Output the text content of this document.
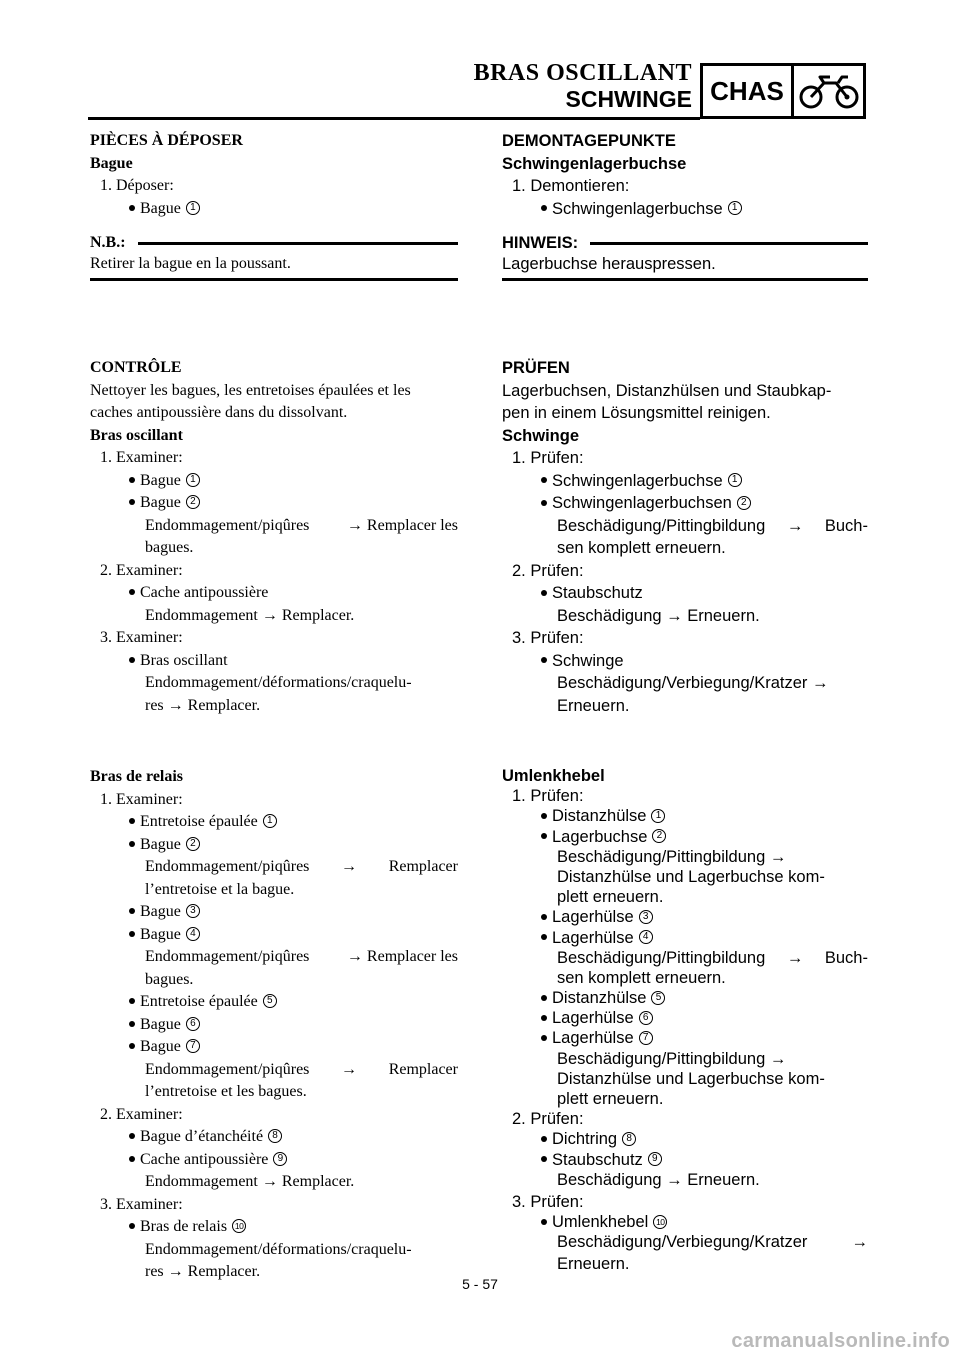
BRAS OSCILLANT
SCHWINGE CHAS
PIÈCES À DÉPOSER
Bague
1. Déposer:
Bague 1
N.B.:
Retirer la bague en la poussant.
CONTRÔLE
Nettoyer les bagues, les entretoises épaulées et les
caches antipoussière dans du dissolvant.
Bras oscillant
1. Examiner:
Bague 1
Bague 2
Endommagement/piqûres → Remplacer les
bagues.
2. Examiner:
Cache antipoussière
Endommagement → Remplacer.
3. Examiner:
Bras oscillant
Endommagement/déformations/craquelu-
res → Remplacer.
Bras de relais
1. Examiner:
Entretoise épaulée 1
Bague 2
Endommagement/piqûres → Remplacer
l’entretoise et la bague.
Bague 3
Bague 4
Endommagement/piqûres → Remplacer les
bagues.
Entretoise épaulée 5
Bague 6
Bague 7
Endommagement/piqûres → Remplacer
l’entretoise et les bagues.
2. Examiner:
Bague d’étanchéité 8
Cache antipoussière 9
Endommagement → Remplacer.
3. Examiner:
Bras de relais 10
Endommagement/déformations/craquelu-
res → Remplacer.
DEMONTAGEPUNKTE
Schwingenlagerbuchse
1. Demontieren:
Schwingenlagerbuchse 1
HINWEIS:
Lagerbuchse herauspressen.
PRÜFEN
Lagerbuchsen, Distanzhülsen und Staubkap-
pen in einem Lösungsmittel reinigen.
Schwinge
1. Prüfen:
Schwingenlagerbuchse 1
Schwingenlagerbuchsen 2
Beschädigung/Pittingbildung → Buch-
sen komplett erneuern.
2. Prüfen:
Staubschutz
Beschädigung → Erneuern.
3. Prüfen:
Schwinge
Beschädigung/Verbiegung/Kratzer →
Erneuern.
Umlenkhebel
1. Prüfen:
Distanzhülse 1
Lagerbuchse 2
Beschädigung/Pittingbildung →
Distanzhülse und Lagerbuchse kom-
plett erneuern.
Lagerhülse 3
Lagerhülse 4
Beschädigung/Pittingbildung → Buch-
sen komplett erneuern.
Distanzhülse 5
Lagerhülse 6
Lagerhülse 7
Beschädigung/Pittingbildung →
Distanzhülse und Lagerbuchse kom-
plett erneuern.
2. Prüfen:
Dichtring 8
Staubschutz 9
Beschädigung → Erneuern.
3. Prüfen:
Umlenkhebel 10
Beschädigung/Verbiegung/Kratzer	→
Erneuern.
5 - 57
carmanualsonline.info
